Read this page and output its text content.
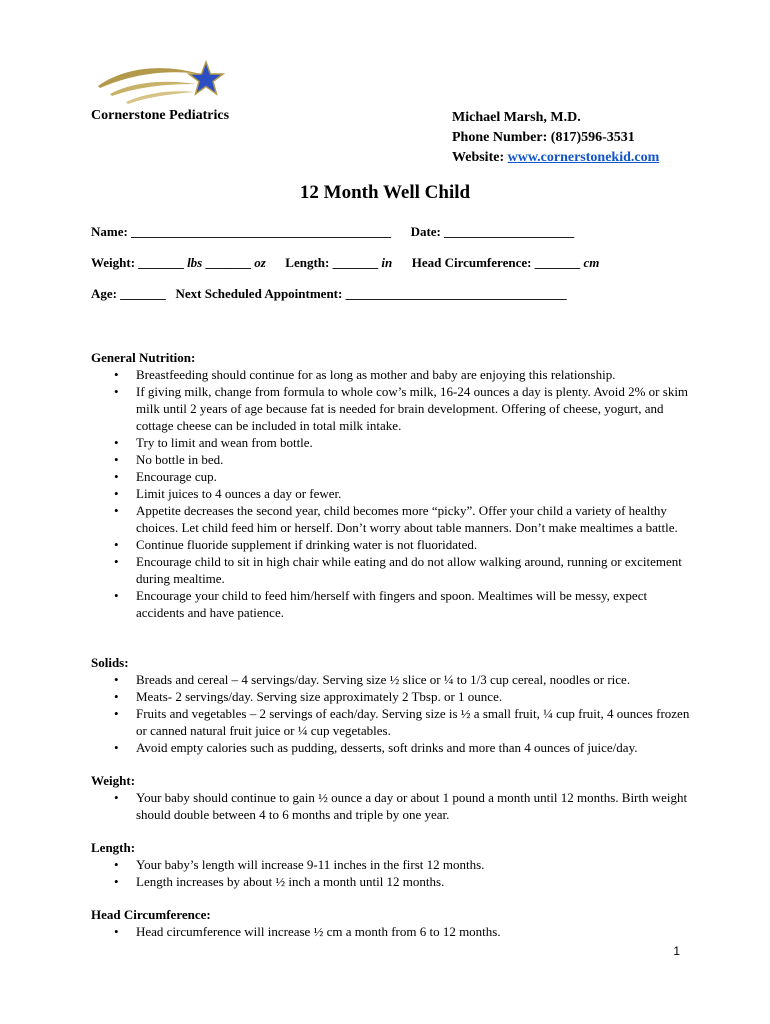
Cornerstone Pediatrics	Michael Marsh, M.D.
Phone Number: (817)596-3531
Website: www.cornerstonekid.com
12 Month Well Child
Name: ________________________________________      Date: ____________________
Weight: _______ lbs _______ oz      Length: _______ in      Head Circumference: _______ cm
Age: _______   Next Scheduled Appointment: __________________________________
General Nutrition:
• Breastfeeding should continue for as long as mother and baby are enjoying this relationship.
• If giving milk, change from formula to whole cow’s milk, 16-24 ounces a day is plenty. Avoid 2% or skim milk until 2 years of age because fat is needed for brain development. Offering of cheese, yogurt, and cottage cheese can be included in total milk intake.
• Try to limit and wean from bottle.
• No bottle in bed.
• Encourage cup.
• Limit juices to 4 ounces a day or fewer.
• Appetite decreases the second year, child becomes more “picky”. Offer your child a variety of healthy choices. Let child feed him or herself. Don’t worry about table manners. Don’t make mealtimes a battle.
• Continue fluoride supplement if drinking water is not fluoridated.
• Encourage child to sit in high chair while eating and do not allow walking around, running or excitement during mealtime.
• Encourage your child to feed him/herself with fingers and spoon. Mealtimes will be messy, expect accidents and have patience.
Solids:
• Breads and cereal – 4 servings/day. Serving size ½ slice or ¼ to 1/3 cup cereal, noodles or rice.
• Meats- 2 servings/day. Serving size approximately 2 Tbsp. or 1 ounce.
• Fruits and vegetables – 2 servings of each/day. Serving size is ½ a small fruit, ¼ cup fruit, 4 ounces frozen or canned natural fruit juice or ¼ cup vegetables.
• Avoid empty calories such as pudding, desserts, soft drinks and more than 4 ounces of juice/day.
Weight:
• Your baby should continue to gain ½ ounce a day or about 1 pound a month until 12 months. Birth weight should double between 4 to 6 months and triple by one year.
Length:
• Your baby’s length will increase 9-11 inches in the first 12 months.
• Length increases by about ½ inch a month until 12 months.
Head Circumference:
• Head circumference will increase ½ cm a month from 6 to 12 months.
1
